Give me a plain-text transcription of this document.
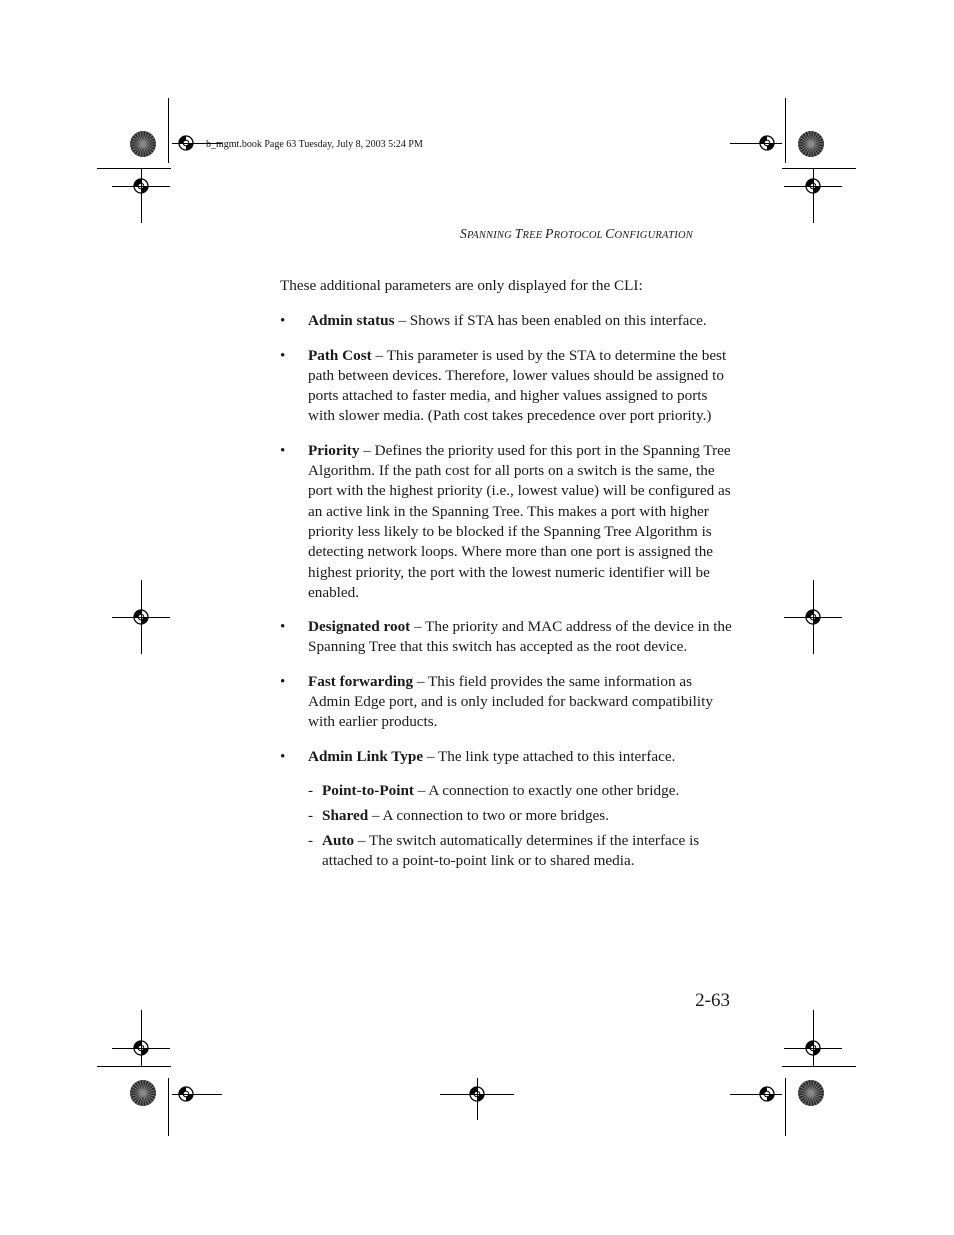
b_mgmt.book Page 63 Tuesday, July 8, 2003 5:24 PM
SPANNING TREE PROTOCOL CONFIGURATION

These additional parameters are only displayed for the CLI:

•	Admin status – Shows if STA has been enabled on this interface.
•	Path Cost – This parameter is used by the STA to determine the best path between devices. Therefore, lower values should be assigned to ports attached to faster media, and higher values assigned to ports with slower media. (Path cost takes precedence over port priority.)
•	Priority – Defines the priority used for this port in the Spanning Tree Algorithm. If the path cost for all ports on a switch is the same, the port with the highest priority (i.e., lowest value) will be configured as an active link in the Spanning Tree. This makes a port with higher priority less likely to be blocked if the Spanning Tree Algorithm is detecting network loops. Where more than one port is assigned the highest priority, the port with the lowest numeric identifier will be enabled.
•	Designated root – The priority and MAC address of the device in the Spanning Tree that this switch has accepted as the root device.
•	Fast forwarding – This field provides the same information as Admin Edge port, and is only included for backward compatibility with earlier products.
•	Admin Link Type – The link type attached to this interface.
- Point-to-Point – A connection to exactly one other bridge.
- Shared – A connection to two or more bridges.
- Auto – The switch automatically determines if the interface is attached to a point-to-point link or to shared media.
2-63
